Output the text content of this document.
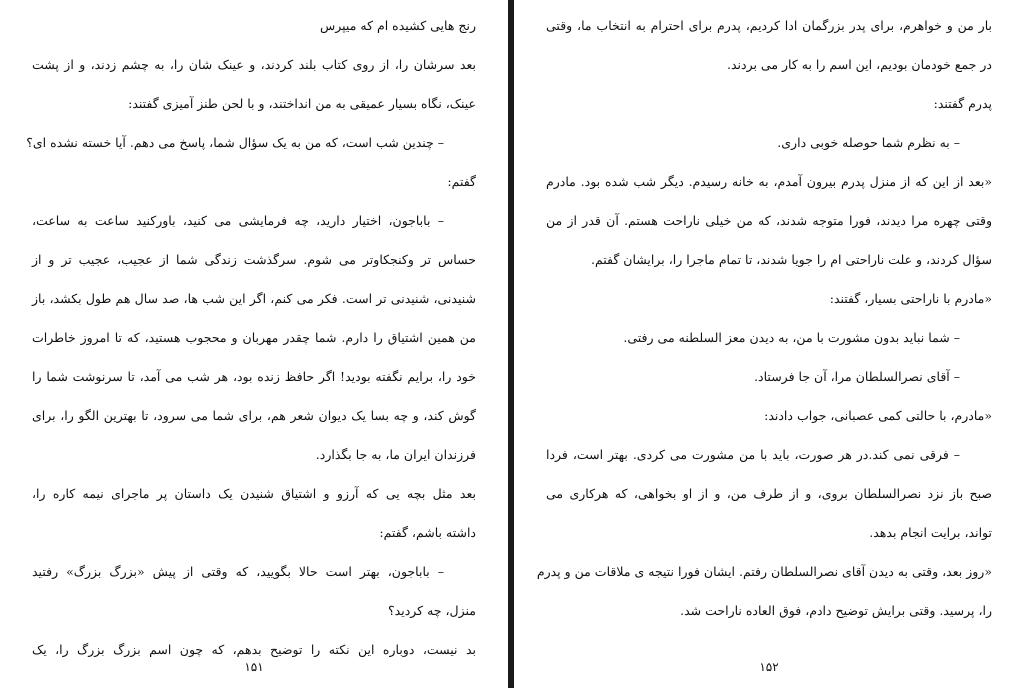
رنج هایی کشیده ام که میپرس
بعد سرشان را، از روی کتاب بلند کردند، و عینک شان را، به چشم زدند، و از پشت
عینک، نگاه بسیار عمیقی به من انداختند، و با لحن طنز آمیزی گفتند:
– چندین شب است، که من به یک سؤال شما، پاسخ می دهم. آیا خسته نشده ای؟
گفتم:
– باباجون، اختیار دارید، چه فرمایشی می کنید، باورکنید ساعت به ساعت،
حساس تر وکنجکاوتر می شوم. سرگذشت زندگی شما از عجیب، عجیب تر و از
شنیدنی، شنیدنی تر است. فکر می کنم، اگر این شب ها، صد سال هم طول بکشد، باز
من همین اشتیاق را دارم. شما چقدر مهربان و محجوب هستید، که تا امروز خاطرات
خود را، برایم نگفته بودید! اگر حافظ زنده بود، هر شب می آمد، تا سرنوشت شما را
گوش کند، و چه بسا یک دیوان شعر هم، برای شما می سرود، تا بهترین الگو را، برای
فرزندان ایران ما، به جا بگذارد.
بعد مثل بچه یی که آرزو و اشتیاق شنیدن یک داستان پر ماجرای نیمه کاره را،
داشته باشم، گفتم:
– باباجون، بهتر است حالا بگویید، که وقتی از پیش «بزرگ بزرگ» رفتید
منزل، چه کردید؟
بد نیست، دوباره این نکته را توضیح بدهم، که چون اسم بزرگ بزرگ را، یک
۱۵۱
بار من و خواهرم، برای پدر بزرگمان ادا کردیم، پدرم برای احترام به انتخاب ما، وقتی
در جمع خودمان بودیم، این اسم را به کار می بردند.
پدرم گفتند:
– به نظرم شما حوصله خوبی داری.
«بعد از این که از منزل پدرم بیرون آمدم، به خانه رسیدم. دیگر شب شده بود. مادرم
وقتی چهره مرا دیدند، فورا متوجه شدند، که من خیلی ناراحت هستم. آن قدر از من
سؤال کردند، و علت ناراحتی ام را جویا شدند، تا تمام ماجرا را، برایشان گفتم.
«مادرم با ناراحتی بسیار، گفتند:
– شما نباید بدون مشورت با من، به دیدن معز السلطنه می رفتی.
– آقای نصرالسلطان مرا، آن جا فرستاد.
«مادرم، با حالتی کمی عصبانی، جواب دادند:
– فرقی نمی کند.در هر صورت، باید با من مشورت می کردی. بهتر است، فردا
صبح باز نزد نصرالسلطان بروی، و از طرف من، و از او بخواهی، که هرکاری می
تواند، برایت انجام بدهد.
«روز بعد، وقتی به دیدن آقای نصرالسلطان رفتم. ایشان فورا نتیجه ی ملاقات من و پدرم
را، پرسید. وقتی برایش توضیح دادم، فوق العاده ناراحت شد.
۱۵۲
